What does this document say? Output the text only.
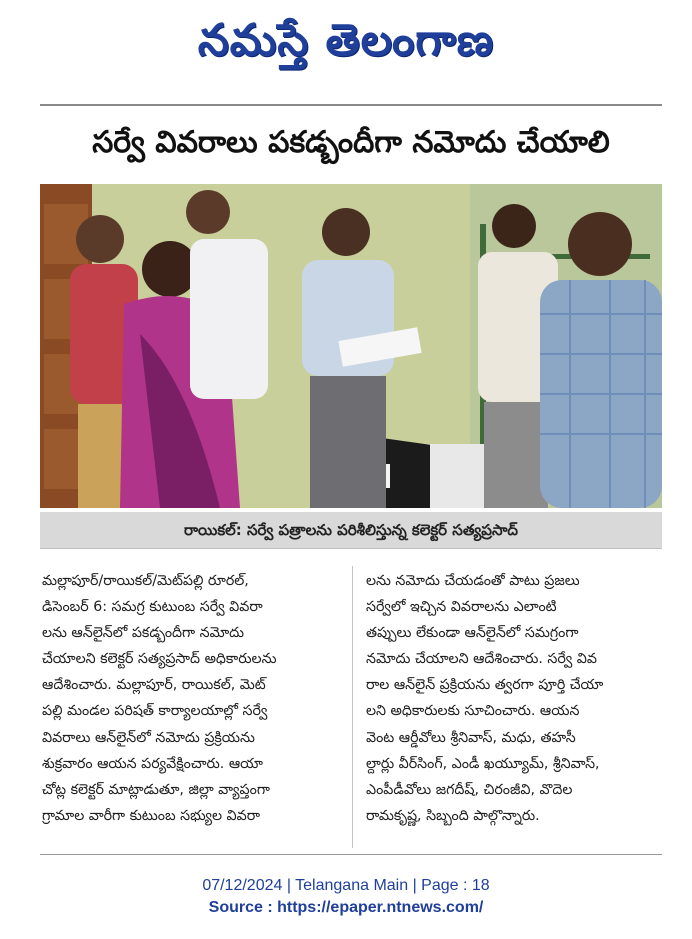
నమస్తే తెలంగాణ
సర్వే వివరాలు పకడ్బందీగా నమోదు చేయాలి
రాయికల్‌: సర్వే పత్రాలను పరిశీలిస్తున్న కలెక్టర్‌ సత్యప్రసాద్‌
మల్లాపూర్‌/రాయికల్‌/మెట్‌పల్లి రూరల్‌,
డిసెంబర్‌ 6: సమగ్ర కుటుంబ సర్వే వివరా
లను ఆన్‌లైన్‌లో పకడ్బందీగా నమోదు
చేయాలని కలెక్టర్‌ సత్యప్రసాద్‌ అధికారులను
ఆదేశించారు. మల్లాపూర్‌, రాయికల్‌, మెట్‌
పల్లి మండల పరిషత్‌ కార్యాలయాల్లో సర్వే
వివరాలు ఆన్‌లైన్‌లో నమోదు ప్రక్రియను
శుక్రవారం ఆయన పర్యవేక్షించారు. ఆయా
చోట్ల కలెక్టర్‌ మాట్లాడుతూ, జిల్లా వ్యాప్తంగా
గ్రామాల వారీగా కుటుంబ సభ్యుల వివరా
లను నమోదు చేయడంతో పాటు ప్రజలు
సర్వేలో ఇచ్చిన వివరాలను ఎలాంటి
తప్పులు లేకుండా ఆన్‌లైన్‌లో సమగ్రంగా
నమోదు చేయాలని ఆదేశించారు. సర్వే వివ
రాల ఆన్‌లైన్‌ ప్రక్రియను త్వరగా పూర్తి చేయా
లని అధికారులకు సూచించారు. ఆయన
వెంట ఆర్డీవోలు శ్రీనివాస్‌, మధు, తహసీ
ల్దార్లు వీర్‌సింగ్‌, ఎండీ ఖయ్యూమ్‌, శ్రీనివాస్‌,
ఎంపీడీవోలు జగదీష్‌, చిరంజీవి, వొదెల
రామకృష్ణ, సిబ్బంది పాల్గొన్నారు.
07/12/2024 | Telangana Main | Page : 18
Source : https://epaper.ntnews.com/
